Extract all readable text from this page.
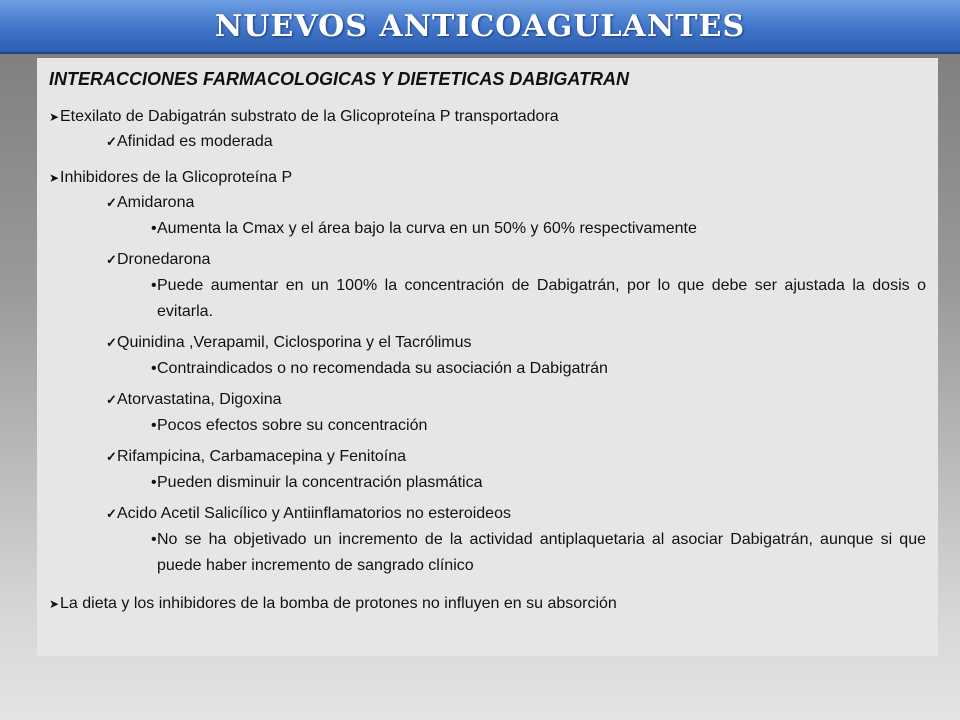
NUEVOS ANTICOAGULANTES
INTERACCIONES FARMACOLOGICAS Y DIETETICAS DABIGATRAN
➤ Etexilato de Dabigatrán substrato de la Glicoproteína P transportadora
✓ Afinidad es moderada
➤ Inhibidores de la Glicoproteína P
✓ Amidarona
• Aumenta la Cmax y el área bajo la curva en un 50% y 60% respectivamente
✓ Dronedarona
• Puede aumentar en un 100% la concentración de Dabigatrán, por lo que debe ser ajustada la dosis o evitarla.
✓ Quinidina ,Verapamil, Ciclosporina y el Tacrólimus
• Contraindicados o no recomendada su asociación a Dabigatrán
✓ Atorvastatina, Digoxina
• Pocos efectos sobre su concentración
✓ Rifampicina, Carbamacepina y Fenitoína
• Pueden disminuir la concentración plasmática
✓ Acido Acetil Salicílico y Antiinflamatorios no esteroideos
• No se ha objetivado un incremento de la actividad antiplaquetaria al asociar Dabigatrán, aunque si que puede haber incremento de sangrado clínico
➤ La dieta y los inhibidores de la bomba de protones no influyen en su absorción
